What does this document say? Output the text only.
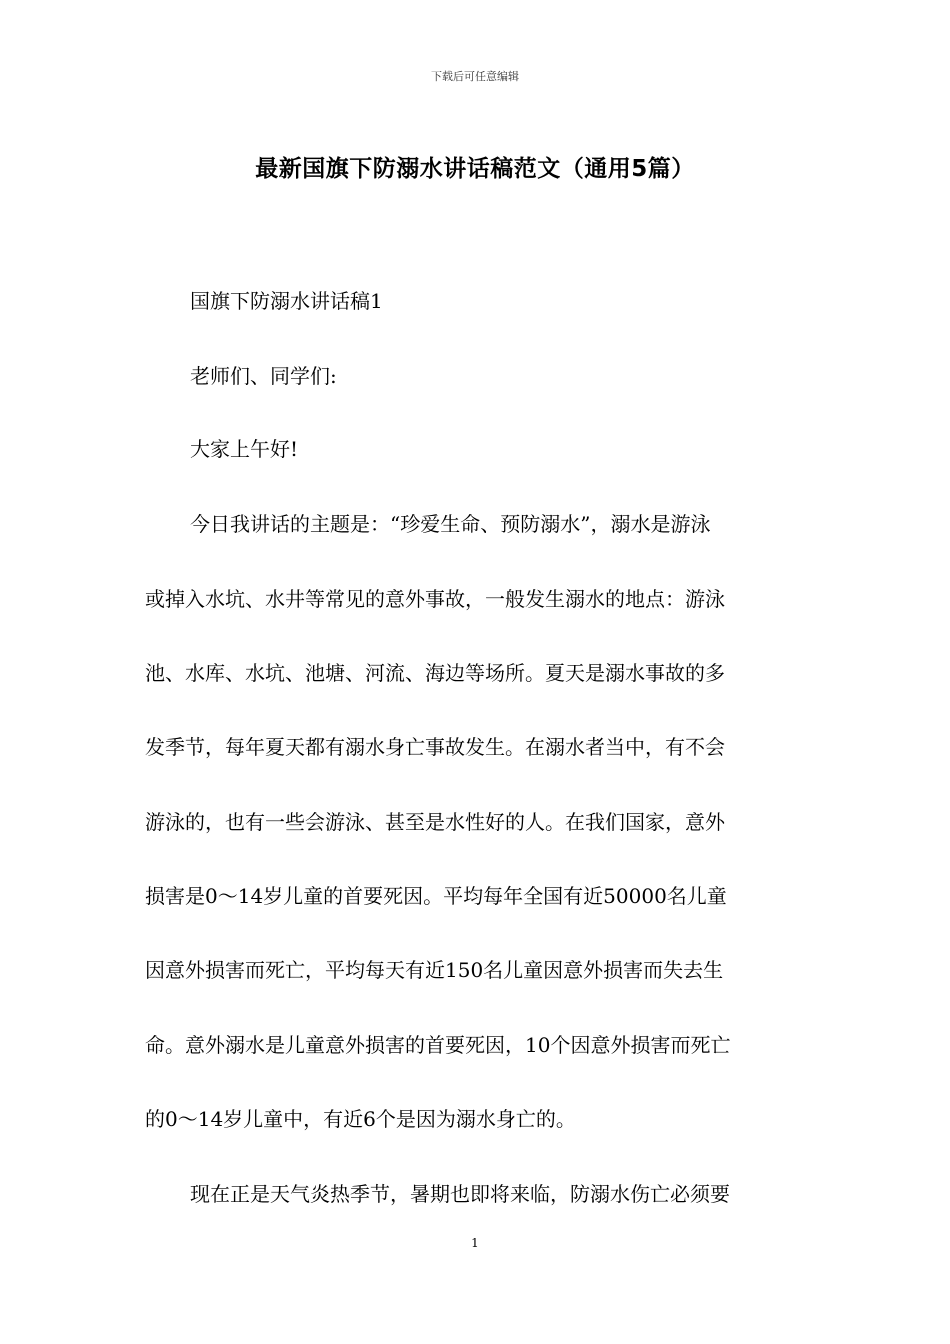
下载后可任意编辑
最新国旗下防溺水讲话稿范文（通用5篇）
国旗下防溺水讲话稿1
老师们、同学们:
大家上午好!
今日我讲话的主题是：“珍爱生命、预防溺水”，溺水是游泳
或掉入水坑、水井等常见的意外事故，一般发生溺水的地点：游泳
池、水库、水坑、池塘、河流、海边等场所。夏天是溺水事故的多
发季节，每年夏天都有溺水身亡事故发生。在溺水者当中，有不会
游泳的，也有一些会游泳、甚至是水性好的人。在我们国家，意外
损害是0～14岁儿童的首要死因。平均每年全国有近50000名儿童
因意外损害而死亡，平均每天有近150名儿童因意外损害而失去生
命。意外溺水是儿童意外损害的首要死因，10个因意外损害而死亡
的0～14岁儿童中，有近6个是因为溺水身亡的。
现在正是天气炎热季节，暑期也即将来临，防溺水伤亡必须要
1
